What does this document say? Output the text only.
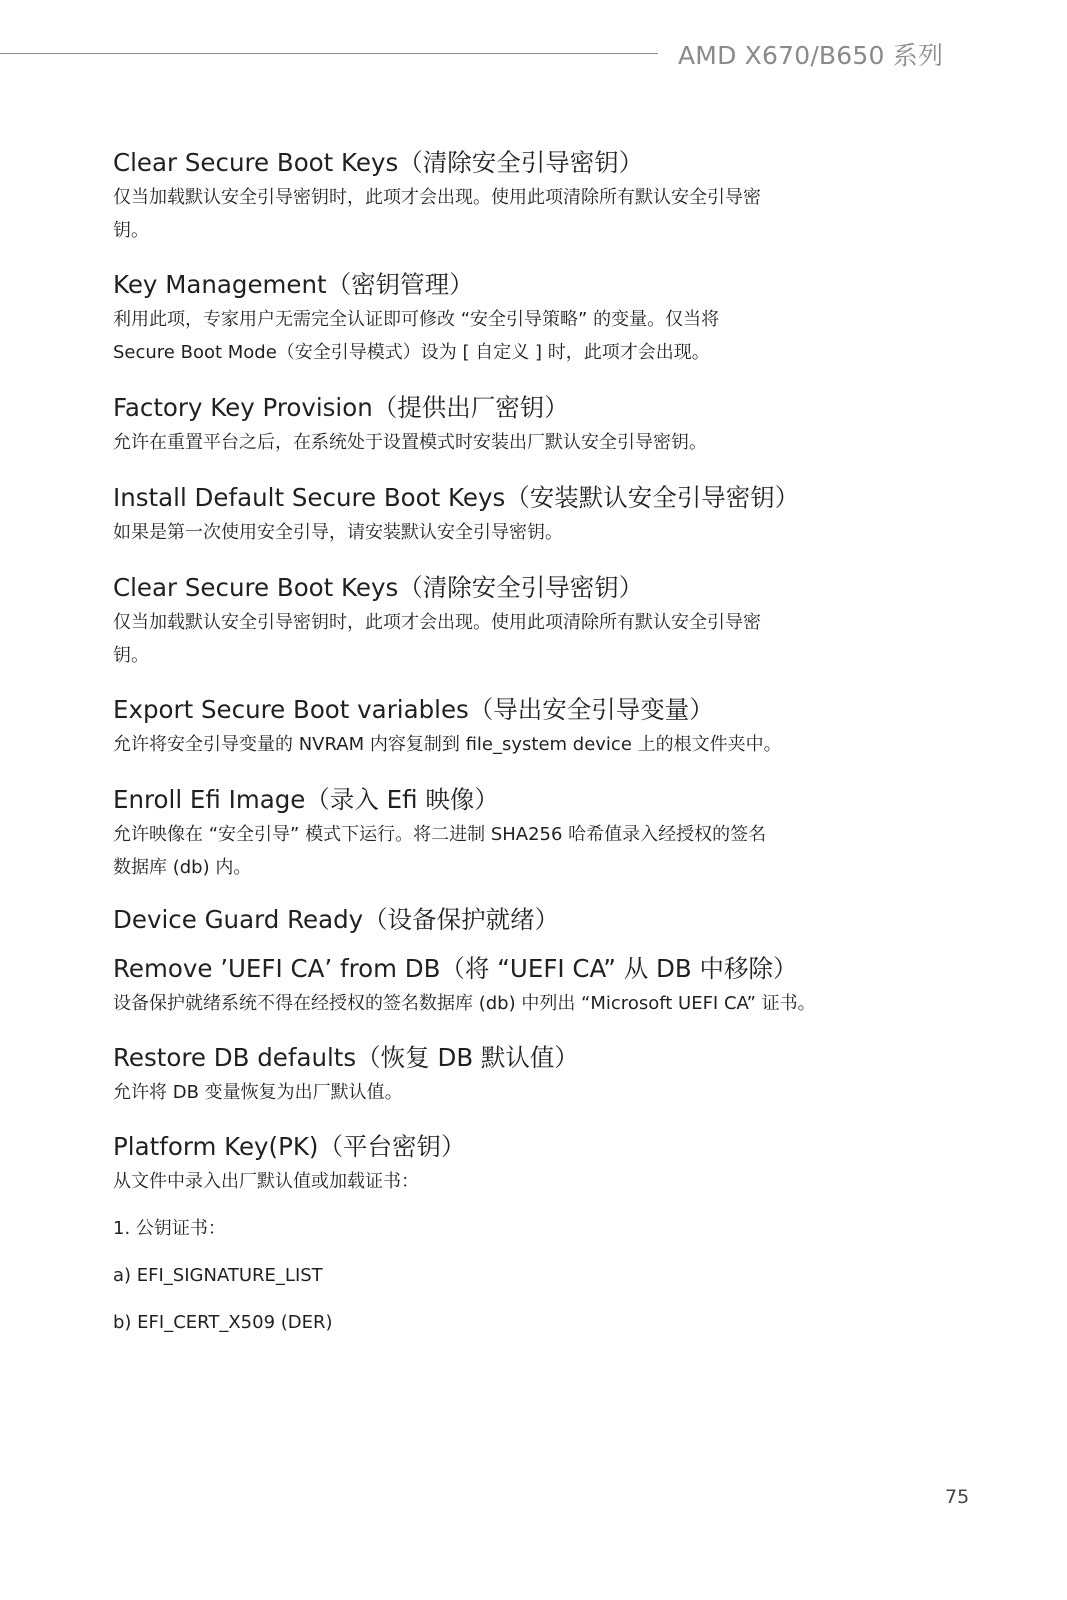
AMD X670/B650 系列
Clear Secure Boot Keys（清除安全引导密钥）
仅当加载默认安全引导密钥时，此项才会出现。使用此项清除所有默认安全引导密
钥。
Key Management（密钥管理）
利用此项，专家用户无需完全认证即可修改 “安全引导策略” 的变量。仅当将
Secure Boot Mode（安全引导模式）设为 [ 自定义 ] 时，此项才会出现。
Factory Key Provision（提供出厂密钥）
允许在重置平台之后，在系统处于设置模式时安装出厂默认安全引导密钥。
Install Default Secure Boot Keys（安装默认安全引导密钥）
如果是第一次使用安全引导，请安装默认安全引导密钥。
Clear Secure Boot Keys（清除安全引导密钥）
仅当加载默认安全引导密钥时，此项才会出现。使用此项清除所有默认安全引导密
钥。
Export Secure Boot variables（导出安全引导变量）
允许将安全引导变量的 NVRAM 内容复制到 file_system device 上的根文件夹中。
Enroll Efi Image（录入 Efi 映像）
允许映像在 “安全引导” 模式下运行。将二进制 SHA256 哈希值录入经授权的签名
数据库 (db) 内。
Device Guard Ready（设备保护就绪）
Remove ’UEFI CA’ from DB（将 “UEFI CA” 从 DB 中移除）
设备保护就绪系统不得在经授权的签名数据库 (db) 中列出 “Microsoft UEFI CA” 证书。
Restore DB defaults（恢复 DB 默认值）
允许将 DB 变量恢复为出厂默认值。
Platform Key(PK)（平台密钥）
从文件中录入出厂默认值或加载证书：
1. 公钥证书：
a) EFI_SIGNATURE_LIST
b) EFI_CERT_X509 (DER)
75
